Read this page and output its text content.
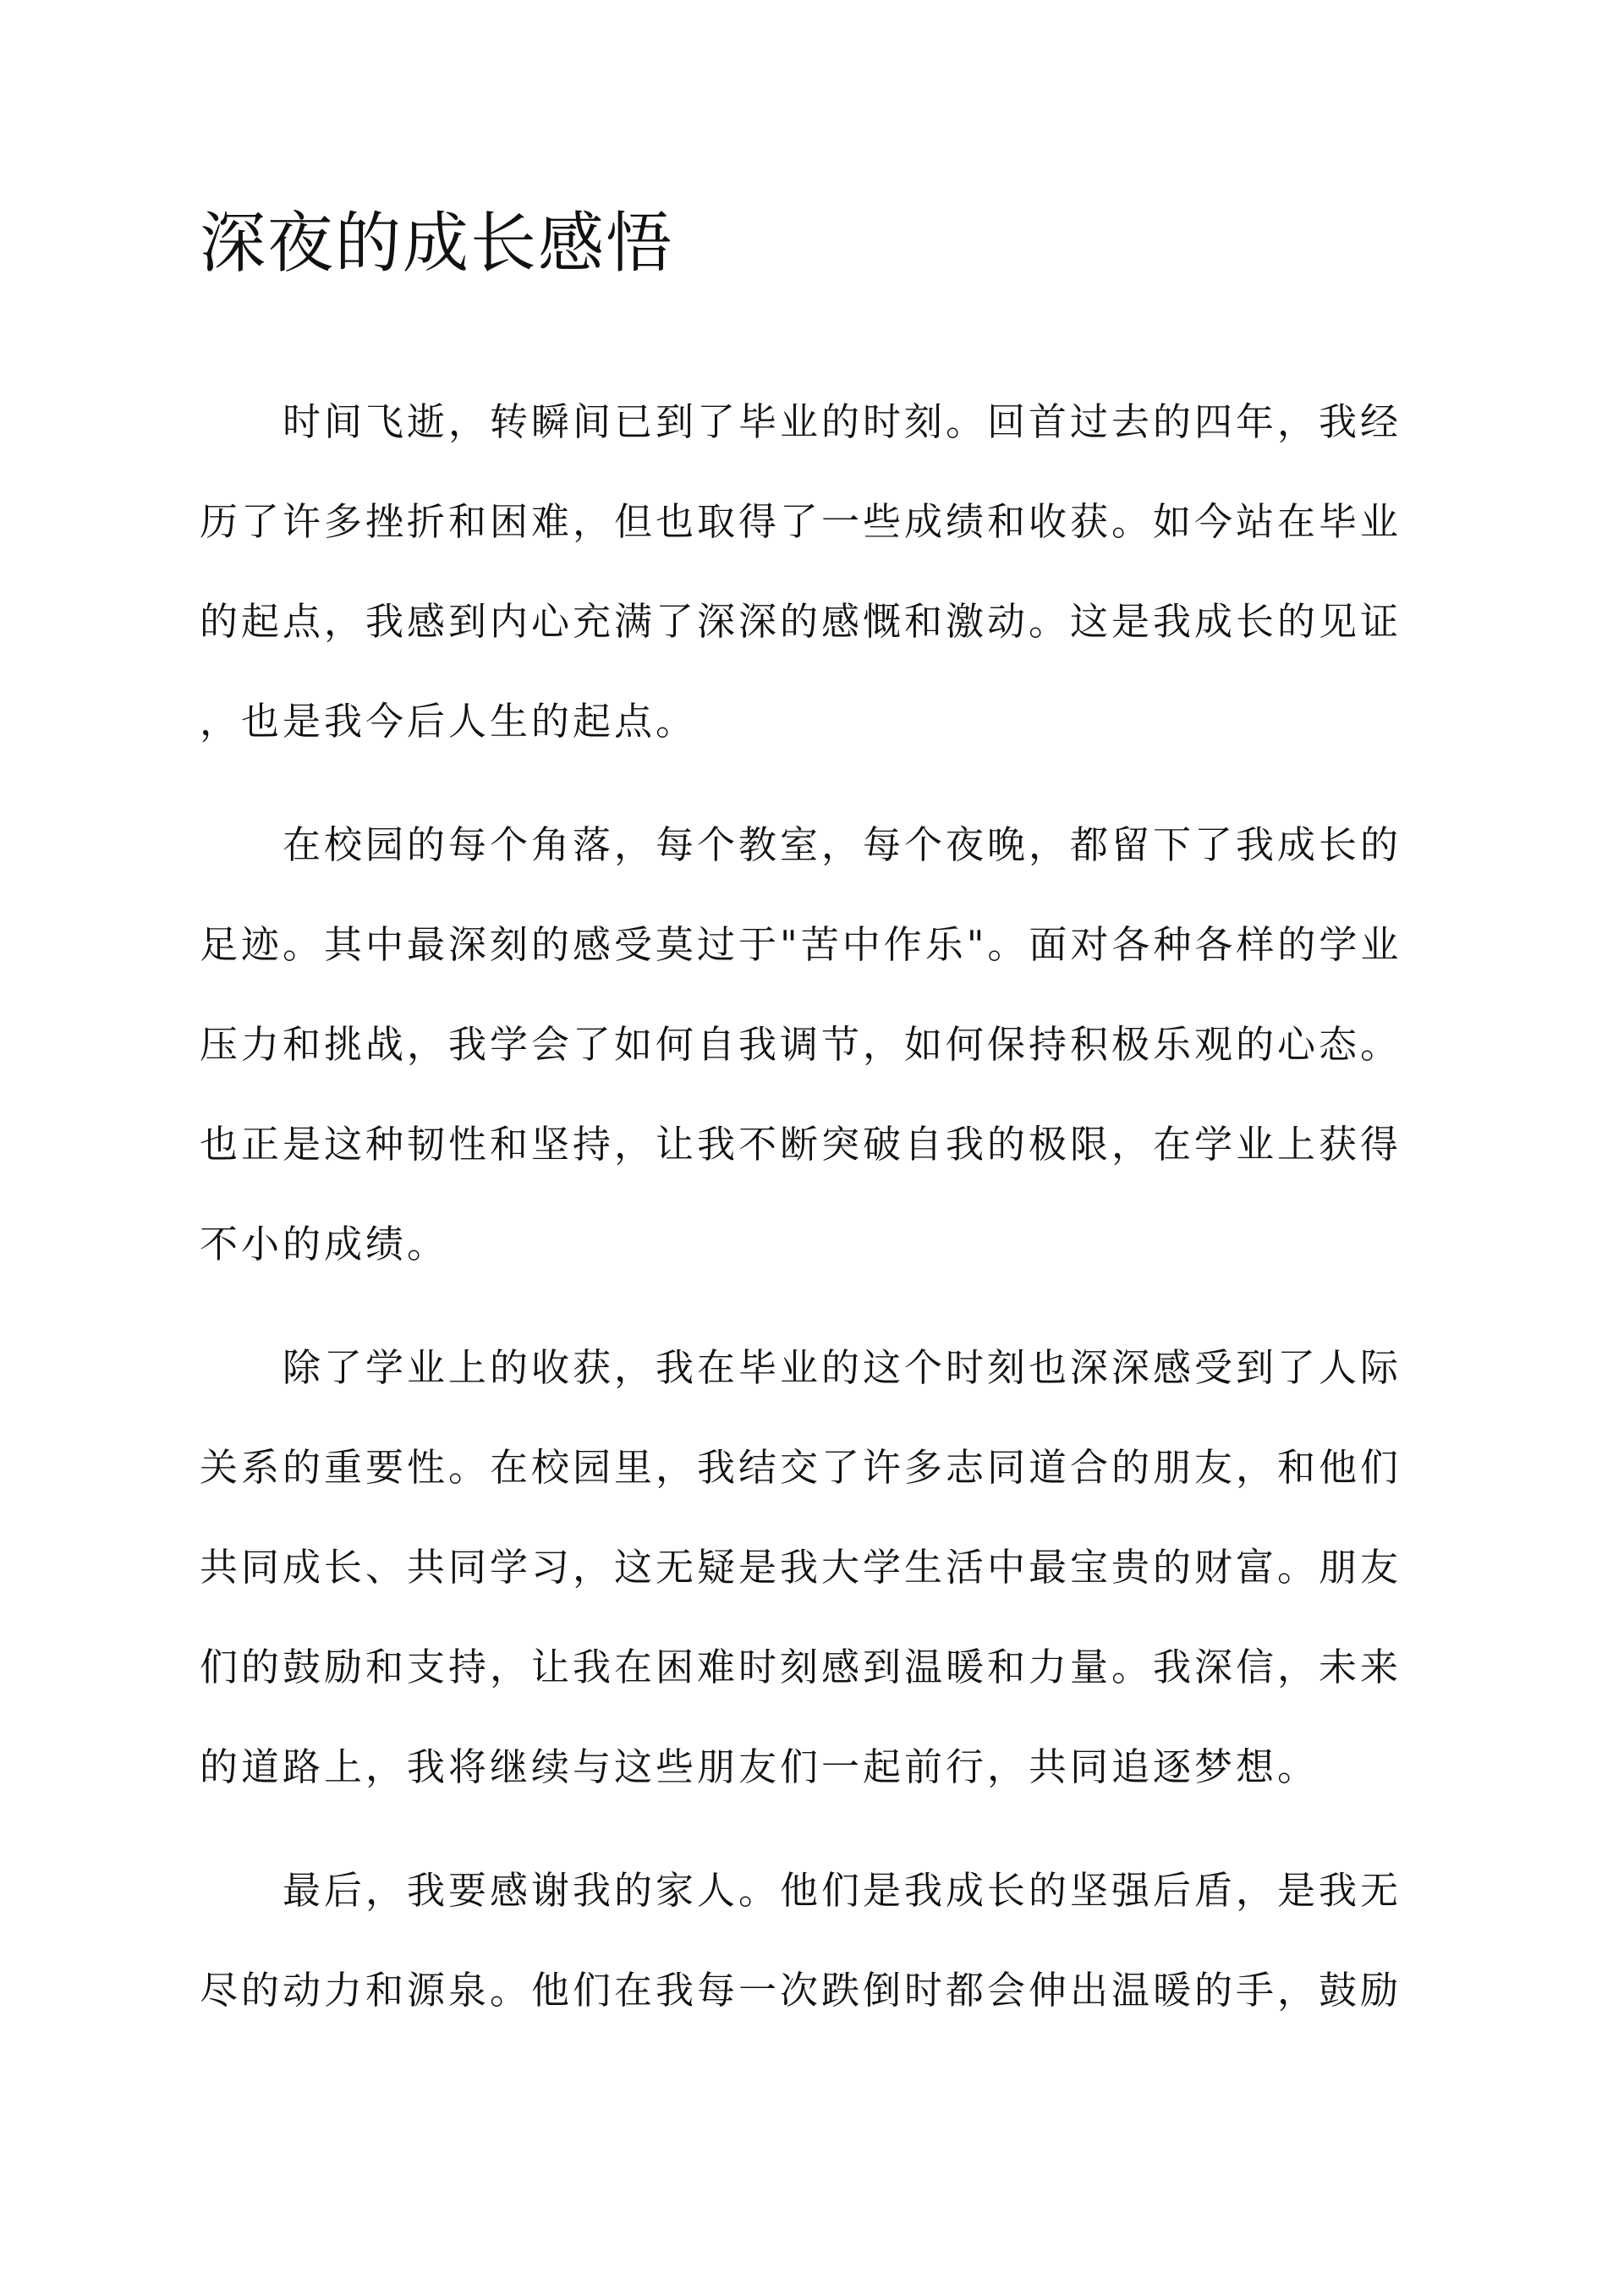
深夜的成长感悟
时间飞逝，转瞬间已到了毕业的时刻。回首过去的四年，我经
历了许多挫折和困难，但也取得了一些成绩和收获。如今站在毕业
的起点，我感到内心充满了深深的感慨和激动。这是我成长的见证
，也是我今后人生的起点。
在校园的每个角落，每个教室，每个夜晚，都留下了我成长的
足迹。其中最深刻的感受莫过于"苦中作乐"。面对各种各样的学业
压力和挑战，我学会了如何自我调节，如何保持积极乐观的心态。
也正是这种韧性和坚持，让我不断突破自我的极限，在学业上获得
不小的成绩。
除了学业上的收获，我在毕业的这个时刻也深深感受到了人际
关系的重要性。在校园里，我结交了许多志同道合的朋友，和他们
共同成长、共同学习，这无疑是我大学生活中最宝贵的财富。朋友
们的鼓励和支持，让我在困难时刻感到温暖和力量。我深信，未来
的道路上，我将继续与这些朋友们一起前行，共同追逐梦想。
最后，我要感谢我的家人。他们是我成长的坚强后盾，是我无
尽的动力和源泉。他们在我每一次跌倒时都会伸出温暖的手，鼓励
